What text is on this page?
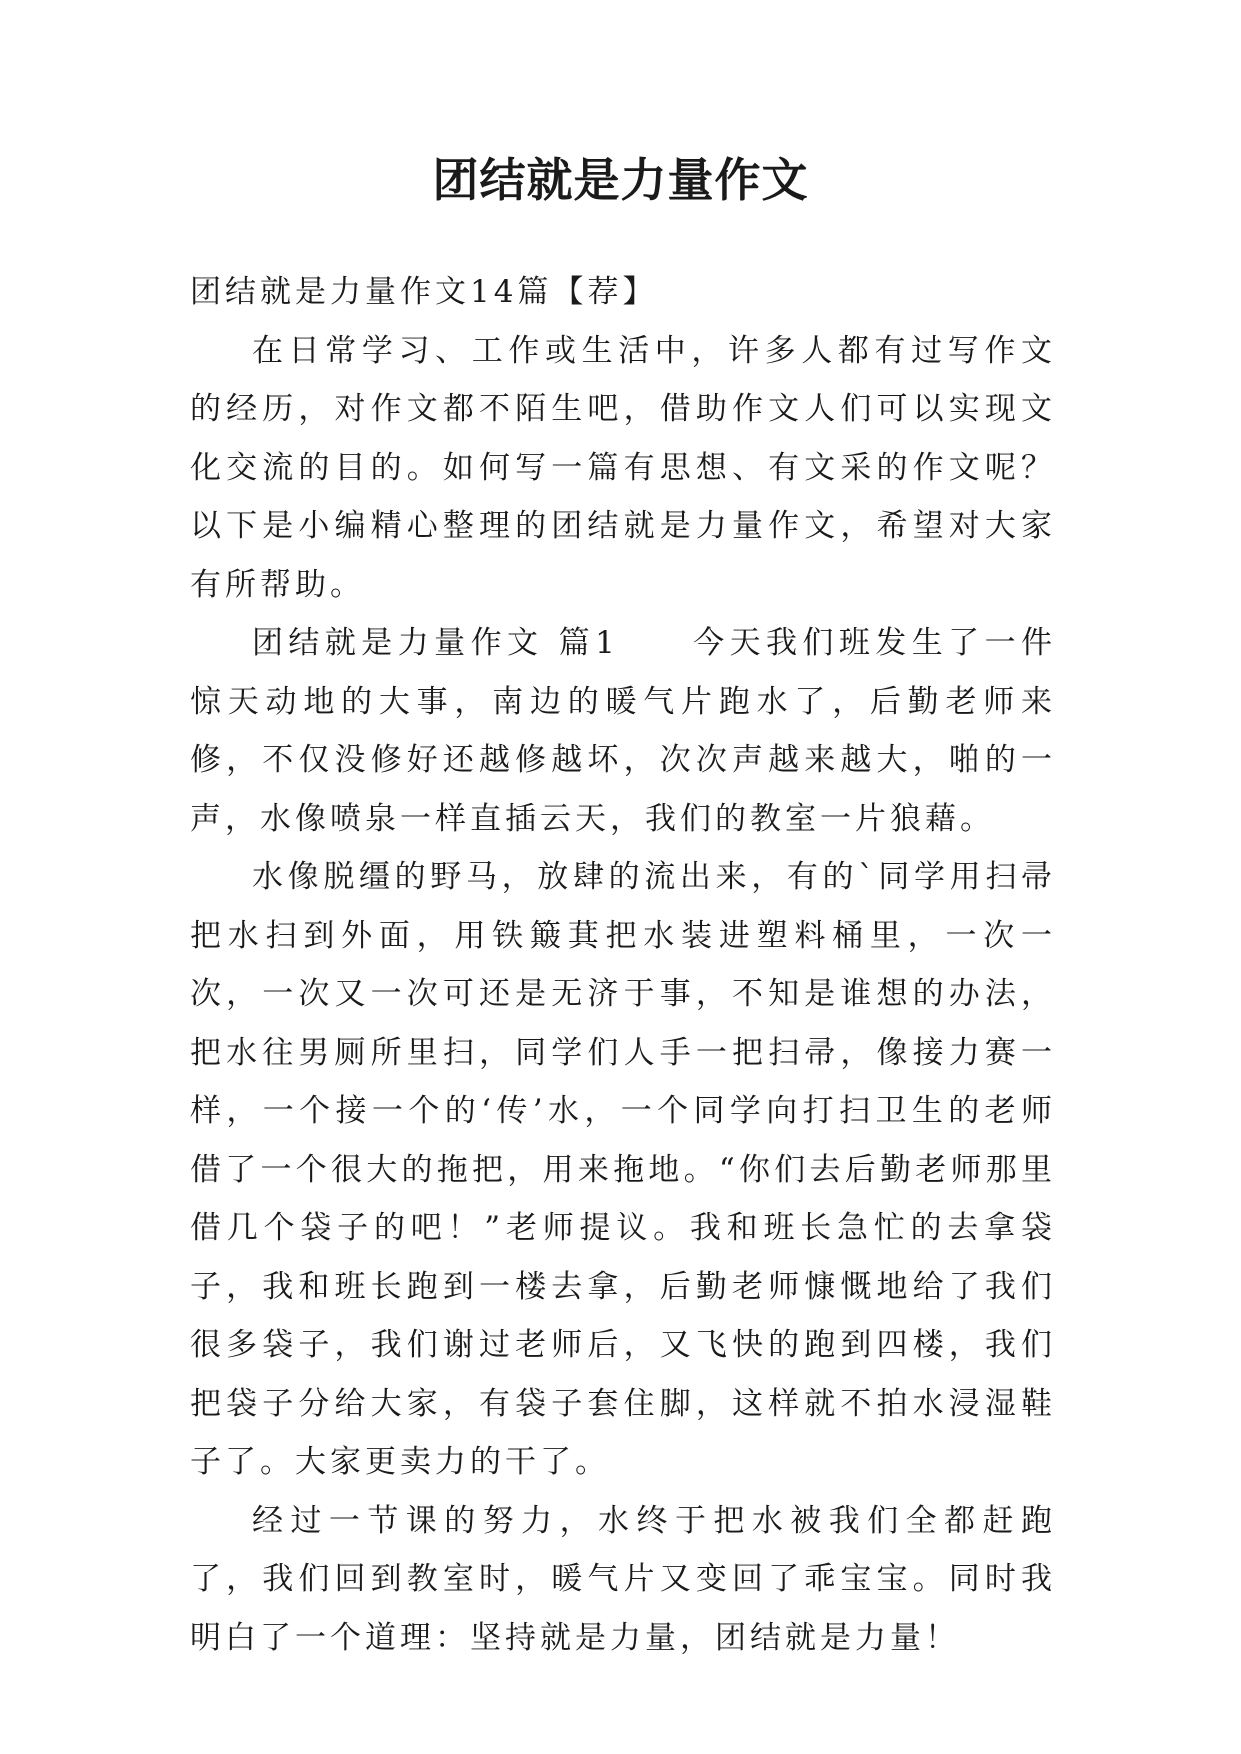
团结就是力量作文

团结就是力量作文14篇【荐】

在日常学习、工作或生活中，许多人都有过写作文的经历，对作文都不陌生吧，借助作文人们可以实现文化交流的目的。如何写一篇有思想、有文采的作文呢？以下是小编精心整理的团结就是力量作文，希望对大家有所帮助。

团结就是力量作文 篇1　　今天我们班发生了一件惊天动地的大事，南边的暖气片跑水了，后勤老师来修，不仅没修好还越修越坏，次次声越来越大，啪的一声，水像喷泉一样直插云天，我们的教室一片狼藉。

水像脱缰的野马，放肆的流出来，有的`同学用扫帚把水扫到外面，用铁簸萁把水装进塑料桶里，一次一次，一次又一次可还是无济于事，不知是谁想的办法，把水往男厕所里扫，同学们人手一把扫帚，像接力赛一样，一个接一个的‘传’水，一个同学向打扫卫生的老师借了一个很大的拖把，用来拖地。“你们去后勤老师那里借几个袋子的吧！”老师提议。我和班长急忙的去拿袋子，我和班长跑到一楼去拿，后勤老师慷慨地给了我们很多袋子，我们谢过老师后，又飞快的跑到四楼，我们把袋子分给大家，有袋子套住脚，这样就不拍水浸湿鞋子了。大家更卖力的干了。

经过一节课的努力，水终于把水被我们全都赶跑了，我们回到教室时，暖气片又变回了乖宝宝。同时我明白了一个道理：坚持就是力量，团结就是力量！
